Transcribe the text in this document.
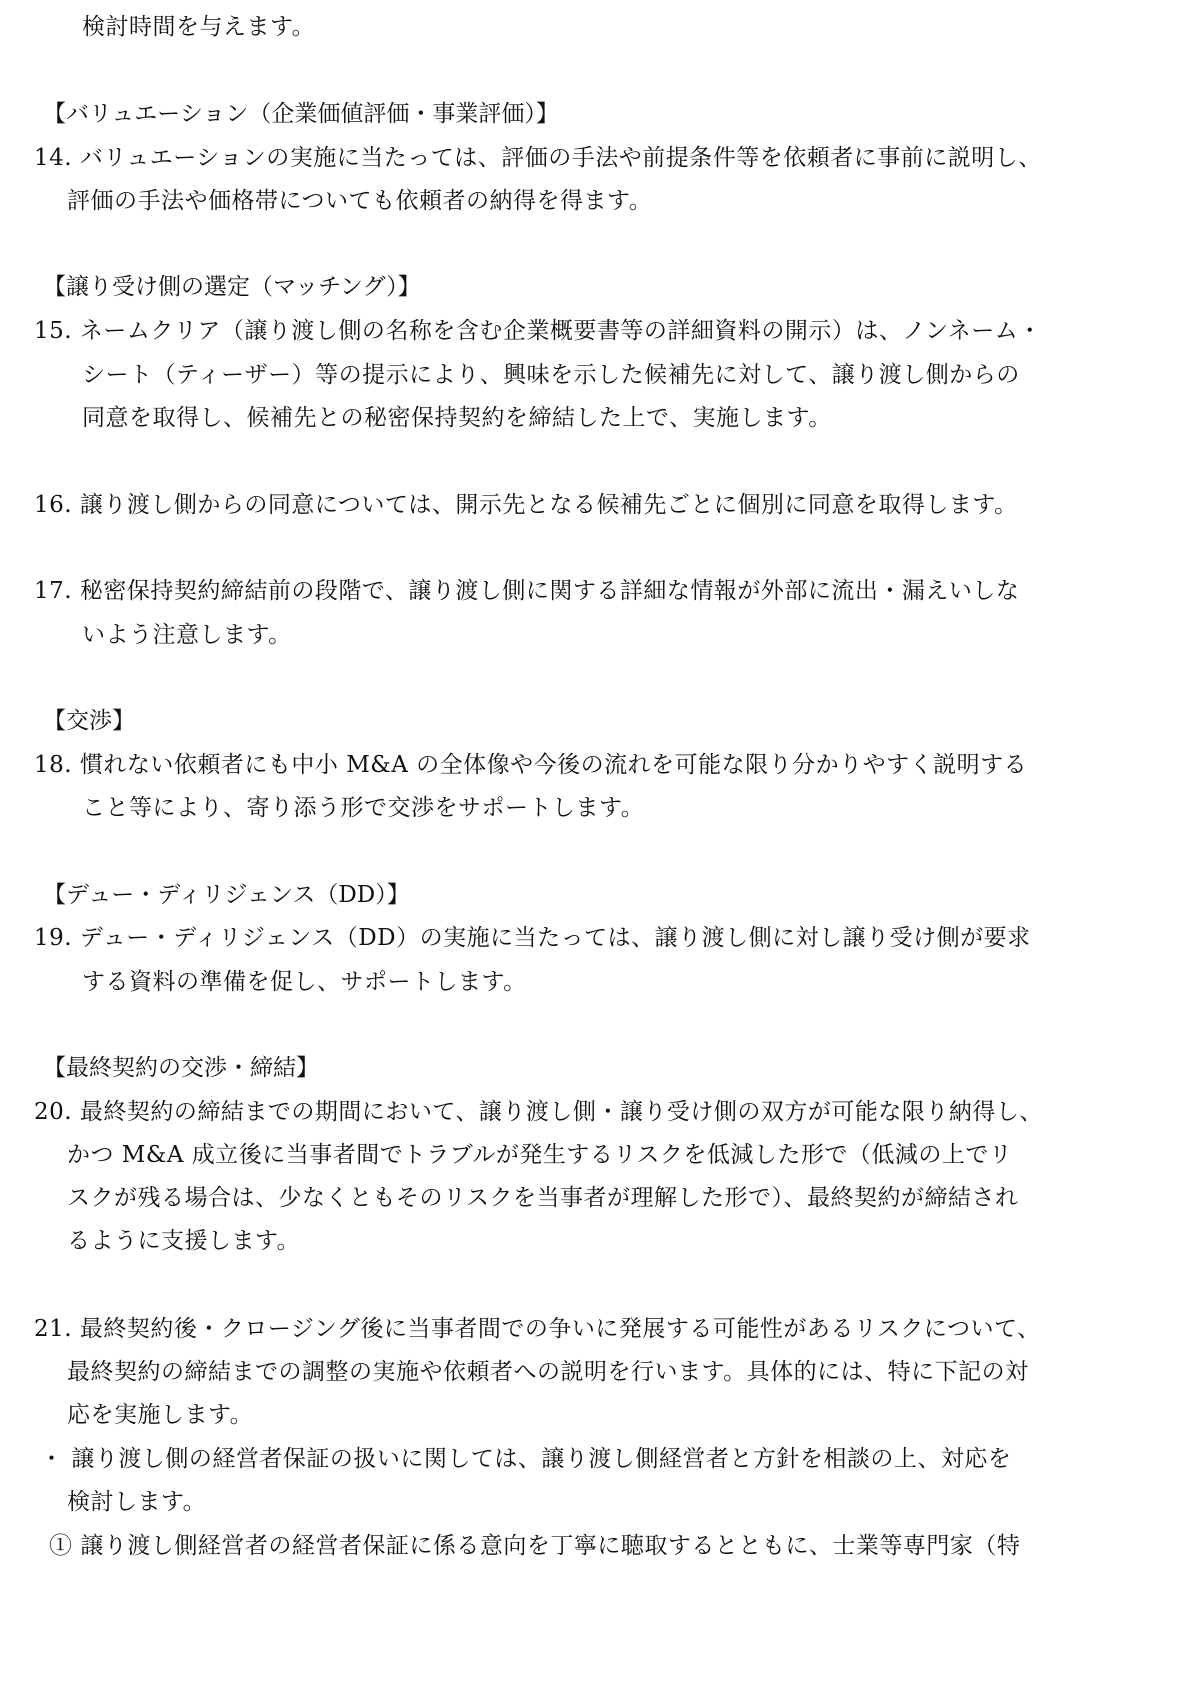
検討時間を与えます。
【バリュエーション（企業価値評価・事業評価）】
14. バリュエーションの実施に当たっては、評価の手法や前提条件等を依頼者に事前に説明し、
評価の手法や価格帯についても依頼者の納得を得ます。
【譲り受け側の選定（マッチング）】
15. ネームクリア（譲り渡し側の名称を含む企業概要書等の詳細資料の開示）は、ノンネーム・
シート（ティーザー）等の提示により、興味を示した候補先に対して、譲り渡し側からの
同意を取得し、候補先との秘密保持契約を締結した上で、実施します。
16. 譲り渡し側からの同意については、開示先となる候補先ごとに個別に同意を取得します。
17. 秘密保持契約締結前の段階で、譲り渡し側に関する詳細な情報が外部に流出・漏えいしな
いよう注意します。
【交渉】
18. 慣れない依頼者にも中小 M&A の全体像や今後の流れを可能な限り分かりやすく説明する
こと等により、寄り添う形で交渉をサポートします。
【デュー・ディリジェンス（DD）】
19. デュー・ディリジェンス（DD）の実施に当たっては、譲り渡し側に対し譲り受け側が要求
する資料の準備を促し、サポートします。
【最終契約の交渉・締結】
20. 最終契約の締結までの期間において、譲り渡し側・譲り受け側の双方が可能な限り納得し、
かつ M&A 成立後に当事者間でトラブルが発生するリスクを低減した形で（低減の上でリ
スクが残る場合は、少なくともそのリスクを当事者が理解した形で）、最終契約が締結され
るように支援します。
21. 最終契約後・クロージング後に当事者間での争いに発展する可能性があるリスクについて、
最終契約の締結までの調整の実施や依頼者への説明を行います。具体的には、特に下記の対
応を実施します。
・ 譲り渡し側の経営者保証の扱いに関しては、譲り渡し側経営者と方針を相談の上、対応を
検討します。
① 譲り渡し側経営者の経営者保証に係る意向を丁寧に聴取するとともに、士業等専門家（特
